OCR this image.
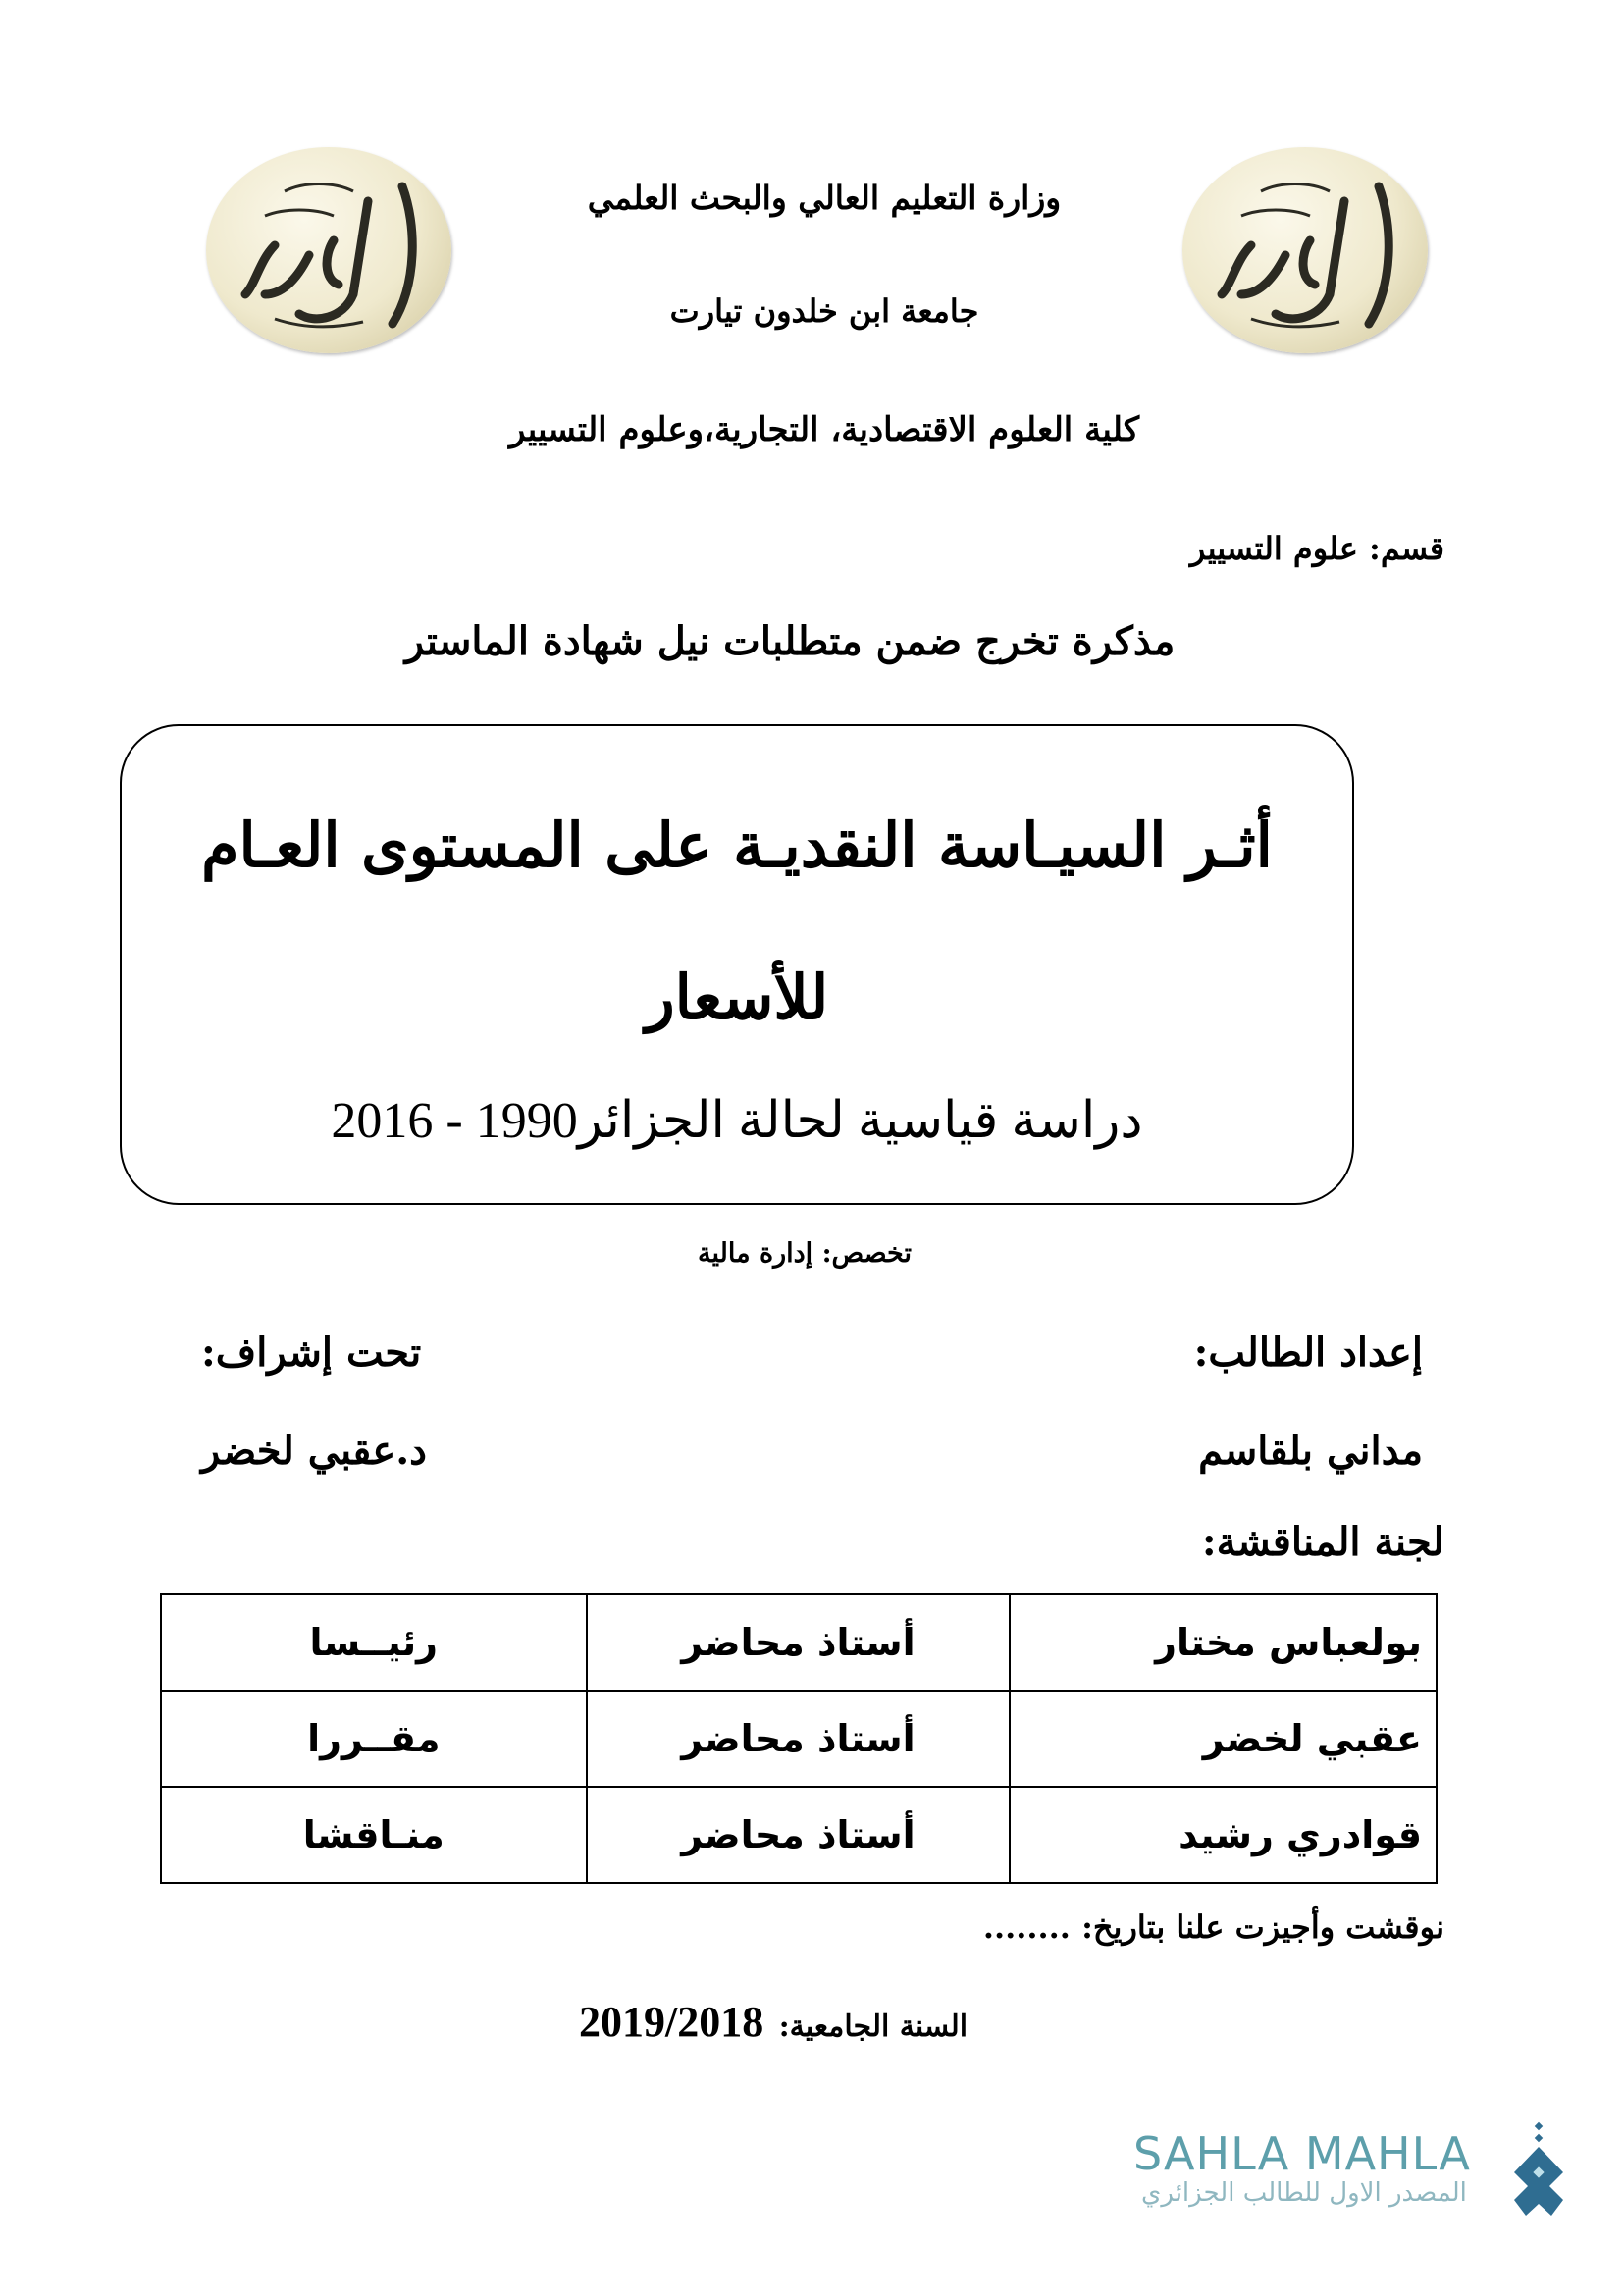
وزارة التعليم العالي والبحث العلمي
جامعة ابن خلدون تيارت
كلية العلوم الاقتصادية، التجارية،وعلوم التسيير
قسم: علوم التسيير
مذكرة تخرج ضمن متطلبات نيل شهادة الماستر
أثـر السيـاسة النقديـة على المستوى العـام
للأسعار
دراسة قياسية لحالة الجزائر1990 - 2016
تخصص: إدارة مالية
إعداد الطالب:
تحت إشراف:
مداني بلقاسم
د.عقبي لخضر
لجنة المناقشة:
بولعباس مختار	أستاذ محاضر	رئيــسا
عقبي لخضر	أستاذ محاضر	مقــررا
قوادري رشيد	أستاذ محاضر	منـاقشا
نوقشت وأجيزت علنا بتاريخ: ........
السنة الجامعية: 2019/2018
SAHLA MAHLA
المصدر الاول للطالب الجزائري
